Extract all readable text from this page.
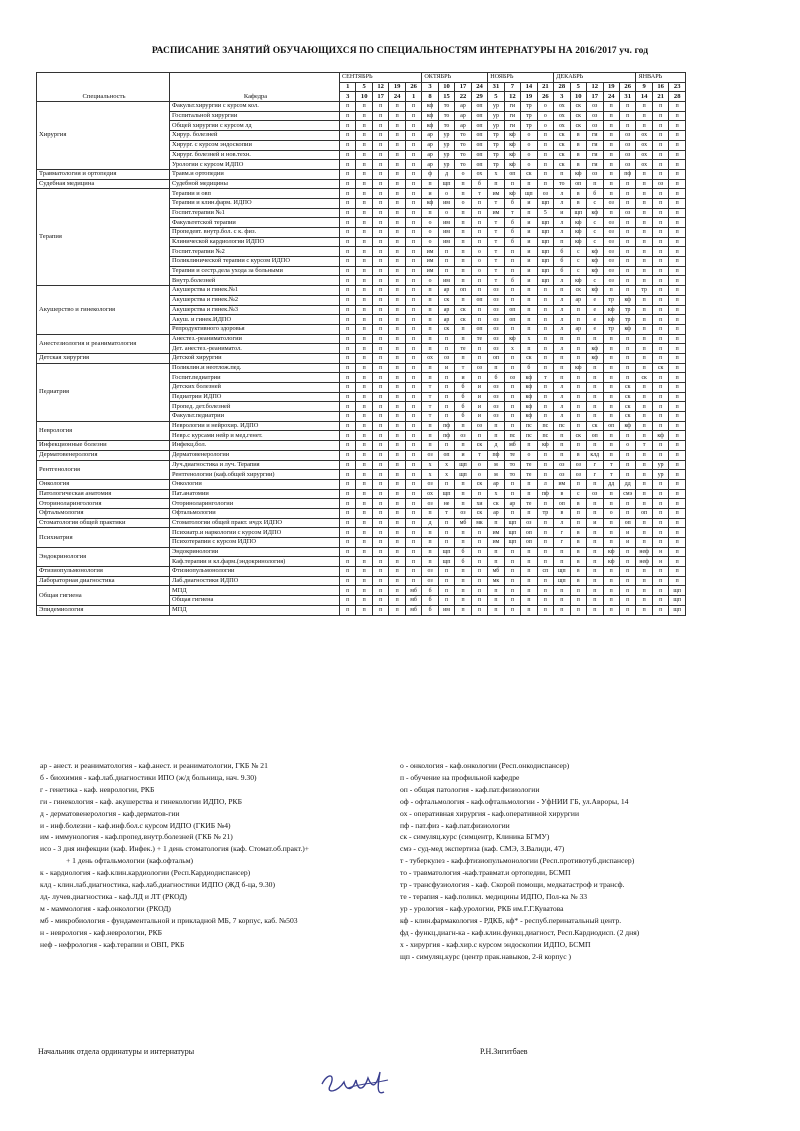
РАСПИСАНИЕ ЗАНЯТИЙ ОБУЧАЮЩИХСЯ ПО СПЕЦИАЛЬНОСТЯМ ИНТЕРНАТУРЫ НА 2016/2017 уч. год
Специальность	Кафедра	СЕНТЯБРЬ					ОКТЯБРЬ				НОЯБРЬ				ДЕКАБРЬ					ЯНВАРЬ		
		1	5	12	19	26	3	10	17	24	31	7	14	21	28	5	12	19	26	9	16	23
		3	10	17	24	1	8	15	22	29	5	12	19	26	3	10	17	24	31	14	21	28
Хирургия	Факульт.хирургии с курсом кол.	п	п	п	п	п	кф	то	ар	оп	ур	ги	тр	о	ох	ск	оз	п	п	п	п	п
	Госпитальной хирургии	п	п	п	п	п	кф	то	ар	оп	ур	ги	тр	о	ох	ск	оз	п	п	п	п	п
	Общей хирургии с курсом лд	п	п	п	п	п	кф	то	ар	оп	ур	ги	тр	о	ох	ск	оз	п	п	п	п	п
	Хирур. болезней	п	п	п	п	п	ар	ур	то	оп	тр	кф	о	п	ск	в	ги	п	оз	ох	п	п
	Хирург. с курсом эндоскопии	п	п	п	п	п	ар	ур	то	оп	тр	кф	о	п	ск	в	ги	п	оз	ох	п	п
	Хирург. болезней и нов.техн.	п	п	п	п	п	ар	ур	то	оп	тр	кф	о	п	ск	в	ги	п	оз	ох	п	п
	Урологии с курсом ИДПО	п	п	п	п	п	ар	ур	то	оп	тр	кф	о	п	ск	в	ги	п	оз	ох	п	п
Травматология и ортопедия	Травм.и ортопедии	п	п	п	п	п	ф	д	о	ох	х	оп	ск	п	п	кф	оз	п	пф	п	п	п
Судебная медицина	Судебной медицины	п	п	п	п	п	п	щп	п	б	п	п	п	п	то	оп	п	п	п	п	оз	п
Терапия	Терапии и овп	п	п	п	п	п	и	о	п	т	им	кф	щп	оз	л	в	б	п	п	п	п	п
	Терапии и клин.фарм. ИДПО	п	п	п	п	п	кф	им	о	п	т	б	и	щп	л	в	с	оз	п	п	п	п
	Госпит.терапии №1	п	п	п	п	п	п	о	п	п	им	т	п	5	и	щп	кф	п	оз	п	п	п
	Факультетской терапии	п	п	п	п	п	о	им	п	п	т	б	и	щп	л	кф	с	оз	п	п	п	п
	Пропедевт. внутр.бол. с к. физ.	п	п	п	п	п	о	им	п	п	т	б	и	щп	л	кф	с	оз	п	п	п	п
	Клинической кардиологии ИДПО	п	п	п	п	п	о	им	п	п	т	б	и	щп	п	кф	с	оз	п	п	п	п
	Госпит.терапии №2	п	п	п	п	п	им	п	п	о	т	п	и	щп	б	с	кф	оз	п	п	п	п
	Поликлинической терапии с курсом ИДПО	п	п	п	п	п	им	п	п	о	т	п	и	щп	б	с	кф	оз	п	п	п	п
	Терапии и сестр.дела ухода за больными	п	п	п	п	п	им	п	п	о	т	п	и	щп	б	с	кф	оз	п	п	п	п
	Внутр.болезней	п	п	п	п	п	о	им	п	п	т	б	и	щп	л	кф	с	оз	п	п	п	п
Акушерство и гинекология	Акушерства и гинек.№1	п	п	п	п	п	п	ар	оп	п	оз	п	п	п	п	ск	кф	п	п	тр	п	п
	Акушерства и гинек.№2	п	п	п	п	п	п	ск	п	оп	оз	п	п	п	л	ар	е	тр	кф	п	п	п
	Акушерства и гинек.№3	п	п	п	п	п	п	ар	ск	п	оз	оп	п	п	л	п	е	кф	тр	п	п	п
	Акуш. и гинек.ИДПО	п	п	п	п	п	п	ар	ск	п	оз	оп	п	п	л	п	е	кф	тр	п	п	п
	Репродуктивного здоровья	п	п	п	п	п	п	ск	п	оп	оз	п	п	п	л	ар	е	тр	кф	п	п	п
Анестезиология и реаниматология	Анестез.-реаниматологии	п	п	п	п	п	п	п	п	те	оз	кф	х	п	п	п	п	п	п	п	п	п
	Дет. анестез.-реаниматол.	п	п	п	п	п	п	п	те	п	оз	х	п	п	л	п	кф	п	п	п	п	п
Детская хирургия	Детской хирургии	п	п	п	п	п	ох	оз	п	п	оп	п	ск	п	п	п	кф	п	п	п	п	п
Педиатрия	Поликлин.и неотлож.пед.	п	п	п	п	п	п	и	т	оз	п	п	б	п	п	кф	п	п	п	п	ск	п
	Госпит.педиатрии	п	п	п	п	п	п	п	и	п	б	оз	кф	т	п	п	п	п	п	ск	п	п
	Детских болезней	п	п	п	п	п	т	п	б	и	оз	п	кф	п	л	п	п	п	ск	п	п	п
	Педиатрии ИДПО	п	п	п	п	п	т	п	б	и	оз	п	кф	п	л	п	п	п	ск	п	п	п
	Пропед. дет.болезней	п	п	п	п	п	т	п	б	и	оз	п	кф	п	л	п	п	п	ск	п	п	п
	Факульт.педиатрии	п	п	п	п	п	т	п	б	и	оз	п	кф	п	л	п	п	п	ск	п	п	п
Неврология	Неврологии и нейрохир. ИДПО	п	п	п	п	п	п	пф	п	оз	п	п	пс	пс	пс	п	ск	оп	кф	п	п	п
	Невр.с курсами нейр и мед.генет.	п	п	п	п	п	п	пф	оз	п	п	пс	пс	пс	п	ск	оп	п	п	п	кф	п
Инфекционные болезни	Инфекц.бол.	п	п	п	п	п	п	п	п	ск	д	мб	п	кф	п	п	п	п	о	т	п	п
Дерматовенерология	Дерматовенерологии	п	п	п	п	п	оз	оп	и	т	пф	те	о	п	п	в	клд	п	п	п	п	п
Рентгенология	Луч.диагностика и луч. Терапия	п	п	п	п	п	х	х	щп	о	м	то	те	п	оз	оз	г	т	п	п	ур	п
	Рентгенологии (каф.общей хирургии)	п	п	п	п	п	х	х	щп	о	м	то	те	п	оз	оз	г	т	п	п	ур	п
Онкология	Онкологии	п	п	п	п	п	оз	п	п	ск	ар	п	п	л	им	п	п	дд	дд	п	п	п
Патологическая анатомия	Пат.анатомии	п	п	п	п	п	ох	щп	п	п	х	п	п	пф	в	с	оз	п	смэ	п	п	п
Оториноларингология	Оториноларингологии	п	п	п	п	п	оз	не	п	хи	ск	ар	те	п	оп	в	п	п	п	п	п	п
Офтальмология	Офтальмологии	п	п	п	п	п	п	т	оз	ск	ар	п	п	тр	в	п	п	о	п	оп	п	п
Стоматология общей практики	Стоматологии общей практ. ичдх ИДПО	п	п	п	п	п	д	п	мб	мк	п	щп	оз	п	л	п	и	п	оп	п	п	п
Психиатрия	Психиатр.и наркологии с курсом ИДПО	п	п	п	п	п	п	п	п	п	им	щп	оп	п	г	в	п	п	и	п	п	п
	Психотерапии с курсом ИДПО	п	п	п	п	п	п	п	п	п	им	щп	оп	п	г	в	п	п	и	п	п	п
Эндокринология	Эндокринологии	п	п	п	п	п	п	щп	б	п	п	п	п	п	п	в	п	кф	п	неф	н	п
	Каф.терапии и кл.фарм.(эндокринология)	п	п	п	п	п	п	щп	б	п	п	п	п	п	п	в	п	кф	п	неф	н	п
Фтизиопульмонология	Фтизиопульмонологии	п	п	п	п	п	оз	п	п	п	мб	п	п	сп	щп	в	п	п	п	п	п	п
Лабораторная диагностика	Лаб.диагностики ИДПО	п	п	п	п	п	оз	п	п	п	мк	п	п	п	щп	в	п	п	п	п	п	п
Общая гигиена	МПД	п	п	п	п	мб	б	п	п	п	п	п	п	п	п	п	п	п	п	п	п	щп
	Общая гигиена	п	п	п	п	мб	б	п	п	п	п	п	п	п	п	п	п	п	п	п	п	щп
Эпидемиология	МПД	п	п	п	п	мб	б	им	п	п	п	п	п	п	п	п	п	п	п	п	п	щп
ар - анест. и реаниматология - каф.анест. и реаниматологии, ГКБ № 21
б - биохимия - каф.лаб.диагностики ИПО (ж/д больница, нач. 9.30)
г - генетика - каф. неврологии, РКБ
ги - гинекология - каф. акушерства и гинекологии ИДПО, РКБ
д - дерматовенерология - каф.дерматов-гии
и - инф.болезни - каф.инф.бол.с курсом ИДПО (ГКИБ №4)
им - иммунология - каф.пропед.внутр.болезней (ГКБ № 21)
иcо - 3 дня инфекции (каф. Инфек.) + 1 день стоматология (каф. Стомат.об.практ.)+
+ 1 день офтальмологии (каф.офтальм)
к - кардиология - каф.клин.кардиологии (Респ.Кардиодиспансер)
клд - клин.лаб.диагностика, каф.лаб.диагностики ИДПО (ЖД б-ца, 9.30)
лд- лучев.диагностика - каф.ЛД и ЛТ (РКОД)
м - маммология - каф.онкологии (РКОД)
мб - микробиология - фундаментальной и прикладной МБ, 7 корпус, каб. №503
н - неврология - каф.неврологии, РКБ
неф - нефрология - каф.терапии и ОВП, РКБ
о - онкология - каф.онкологии (Респ.онкодиспансер)
п - обучение на профильной кафедре
оп - общая патология - каф.пат.физиологии
оф - офтальмология - каф.офтальмологии - УфНИИ ГБ, ул.Авроры, 14
ох - оперативная хирургия - каф.оперативной хирургии
пф - пат.физ - каф.пат.физиологии
ск - симуляц.курс (симцентр, Клиника БГМУ)
смэ - суд-мед экспертиза (каф. СМЭ, З.Валиди, 47)
т - туберкулез - каф.фтизиопульмонологии (Респ.противотуб.диспансер)
то - травматология -каф.травмат.и ортопедии, БСМП
тр - трансфузиология - каф. Скорой помощи, медкатастроф и трансф.
те - терапия - каф.поликл. медицины ИДПО, Пол-ка № 33
ур - урология - каф.урологии, РКБ им.Г.Г.Куватова
кф - клин.фармакология - РДКБ, кф* - респуб.перинатальный центр.
фд - функц.диагн-ка - каф.клин.функц.диагност, Респ.Кардиодисп. (2 дня)
х - хирургия - каф.хир.с курсом эндоскопии ИДПО, БСМП
щп - симуляц.курс (центр прак.навыков, 2-й корпус )
Начальник отдела ординатуры и интернатуры	Р.Н.Зигитбаев
